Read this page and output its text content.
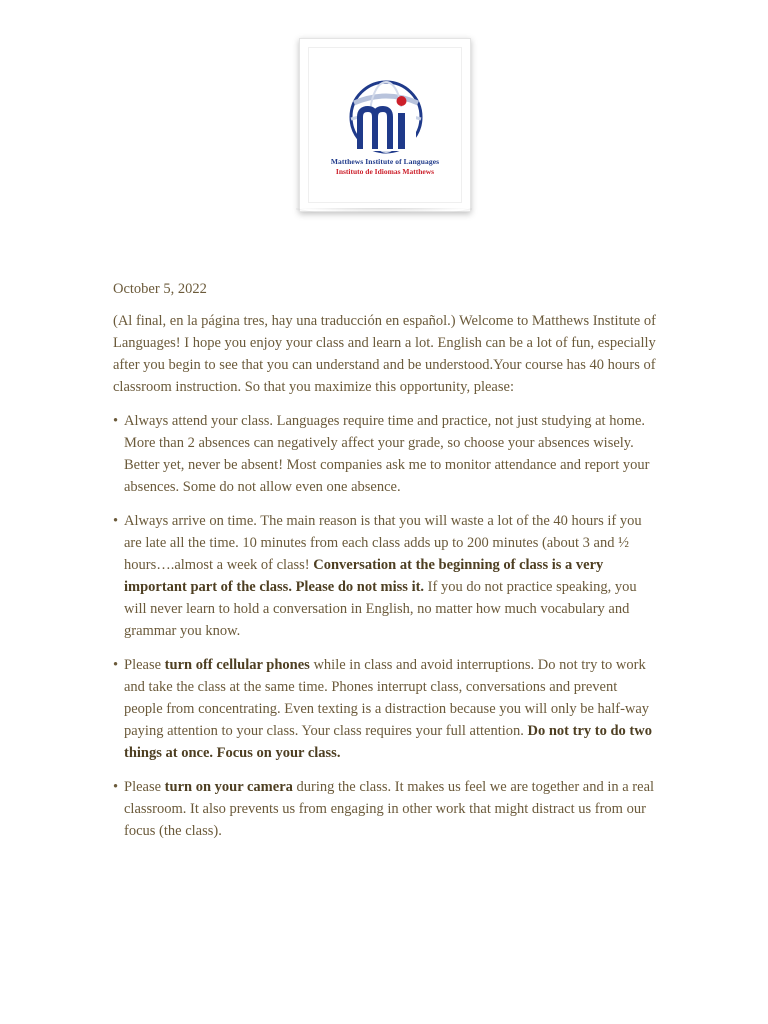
Matthews Institute of Languages
Instituto de Idiomas Matthews

October 5, 2022

(Al final, en la página tres, hay una traducción en español.) Welcome to Matthews Institute of Languages! I hope you enjoy your class and learn a lot. English can be a lot of fun, especially after you begin to see that you can understand and be understood.Your course has 40 hours of classroom instruction. So that you maximize this opportunity, please:

• Always attend your class. Languages require time and practice, not just studying at home. More than 2 absences can negatively affect your grade, so choose your absences wisely. Better yet, never be absent! Most companies ask me to monitor attendance and report your absences. Some do not allow even one absence.
• Always arrive on time. The main reason is that you will waste a lot of the 40 hours if you are late all the time. 10 minutes from each class adds up to 200 minutes (about 3 and ½ hours….almost a week of class! Conversation at the beginning of class is a very important part of the class. Please do not miss it. If you do not practice speaking, you will never learn to hold a conversation in English, no matter how much vocabulary and grammar you know.
• Please turn off cellular phones while in class and avoid interruptions. Do not try to work and take the class at the same time. Phones interrupt class, conversations and prevent people from concentrating. Even texting is a distraction because you will only be half-way paying attention to your class. Your class requires your full attention. Do not try to do two things at once. Focus on your class.
• Please turn on your camera during the class. It makes us feel we are together and in a real classroom. It also prevents us from engaging in other work that might distract us from our focus (the class).
